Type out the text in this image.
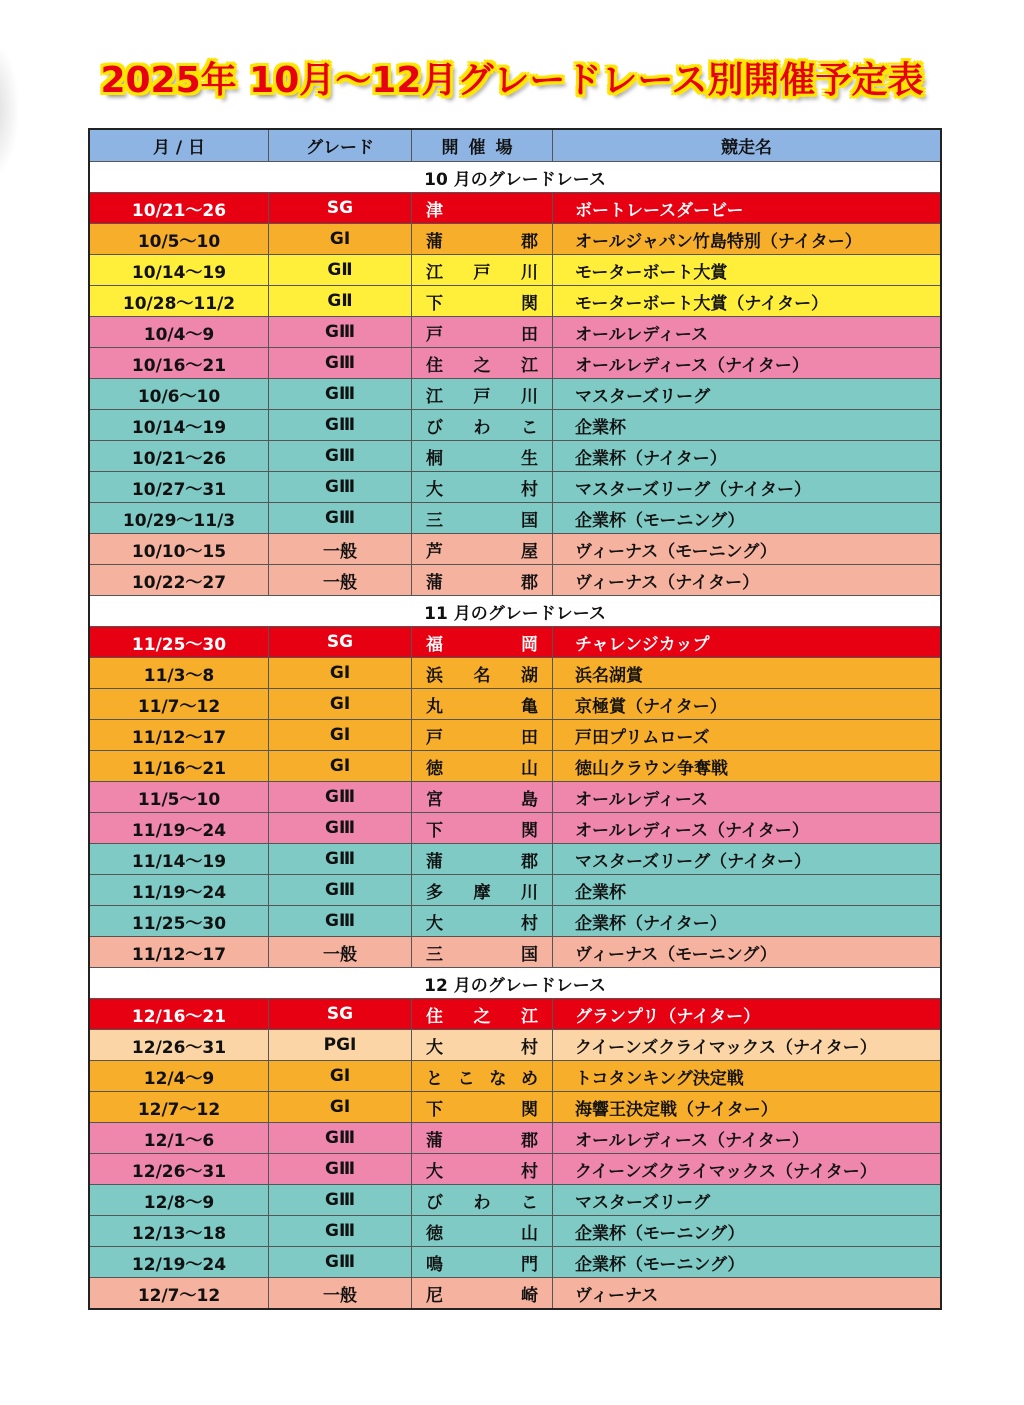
2025年 10月～12月グレードレース別開催予定表
月 / 日	グレード	開催場	競走名
10 月のグレードレース			
10/21～26	SG	津	ボートレースダービー
10/5～10	GⅠ	蒲郡	オールジャパン竹島特別（ナイター）
10/14～19	GⅡ	江戸川	モーターボート大賞
10/28～11/2	GⅡ	下関	モーターボート大賞（ナイター）
10/4～9	GⅢ	戸田	オールレディース
10/16～21	GⅢ	住之江	オールレディース（ナイター）
10/6～10	GⅢ	江戸川	マスターズリーグ
10/14～19	GⅢ	びわこ	企業杯
10/21～26	GⅢ	桐生	企業杯（ナイター）
10/27～31	GⅢ	大村	マスターズリーグ（ナイター）
10/29～11/3	GⅢ	三国	企業杯（モーニング）
10/10～15	一般	芦屋	ヴィーナス（モーニング）
10/22～27	一般	蒲郡	ヴィーナス（ナイター）
11 月のグレードレース			
11/25～30	SG	福岡	チャレンジカップ
11/3～8	GⅠ	浜名湖	浜名湖賞
11/7～12	GⅠ	丸亀	京極賞（ナイター）
11/12～17	GⅠ	戸田	戸田プリムローズ
11/16～21	GⅠ	徳山	徳山クラウン争奪戦
11/5～10	GⅢ	宮島	オールレディース
11/19～24	GⅢ	下関	オールレディース（ナイター）
11/14～19	GⅢ	蒲郡	マスターズリーグ（ナイター）
11/19～24	GⅢ	多摩川	企業杯
11/25～30	GⅢ	大村	企業杯（ナイター）
11/12～17	一般	三国	ヴィーナス（モーニング）
12 月のグレードレース			
12/16～21	SG	住之江	グランプリ（ナイター）
12/26～31	PGⅠ	大村	クイーンズクライマックス（ナイター）
12/4～9	GⅠ	とこなめ	トコタンキング決定戦
12/7～12	GⅠ	下関	海響王決定戦（ナイター）
12/1～6	GⅢ	蒲郡	オールレディース（ナイター）
12/26～31	GⅢ	大村	クイーンズクライマックス（ナイター）
12/8～9	GⅢ	びわこ	マスターズリーグ
12/13～18	GⅢ	徳山	企業杯（モーニング）
12/19～24	GⅢ	鳴門	企業杯（モーニング）
12/7～12	一般	尼崎	ヴィーナス
